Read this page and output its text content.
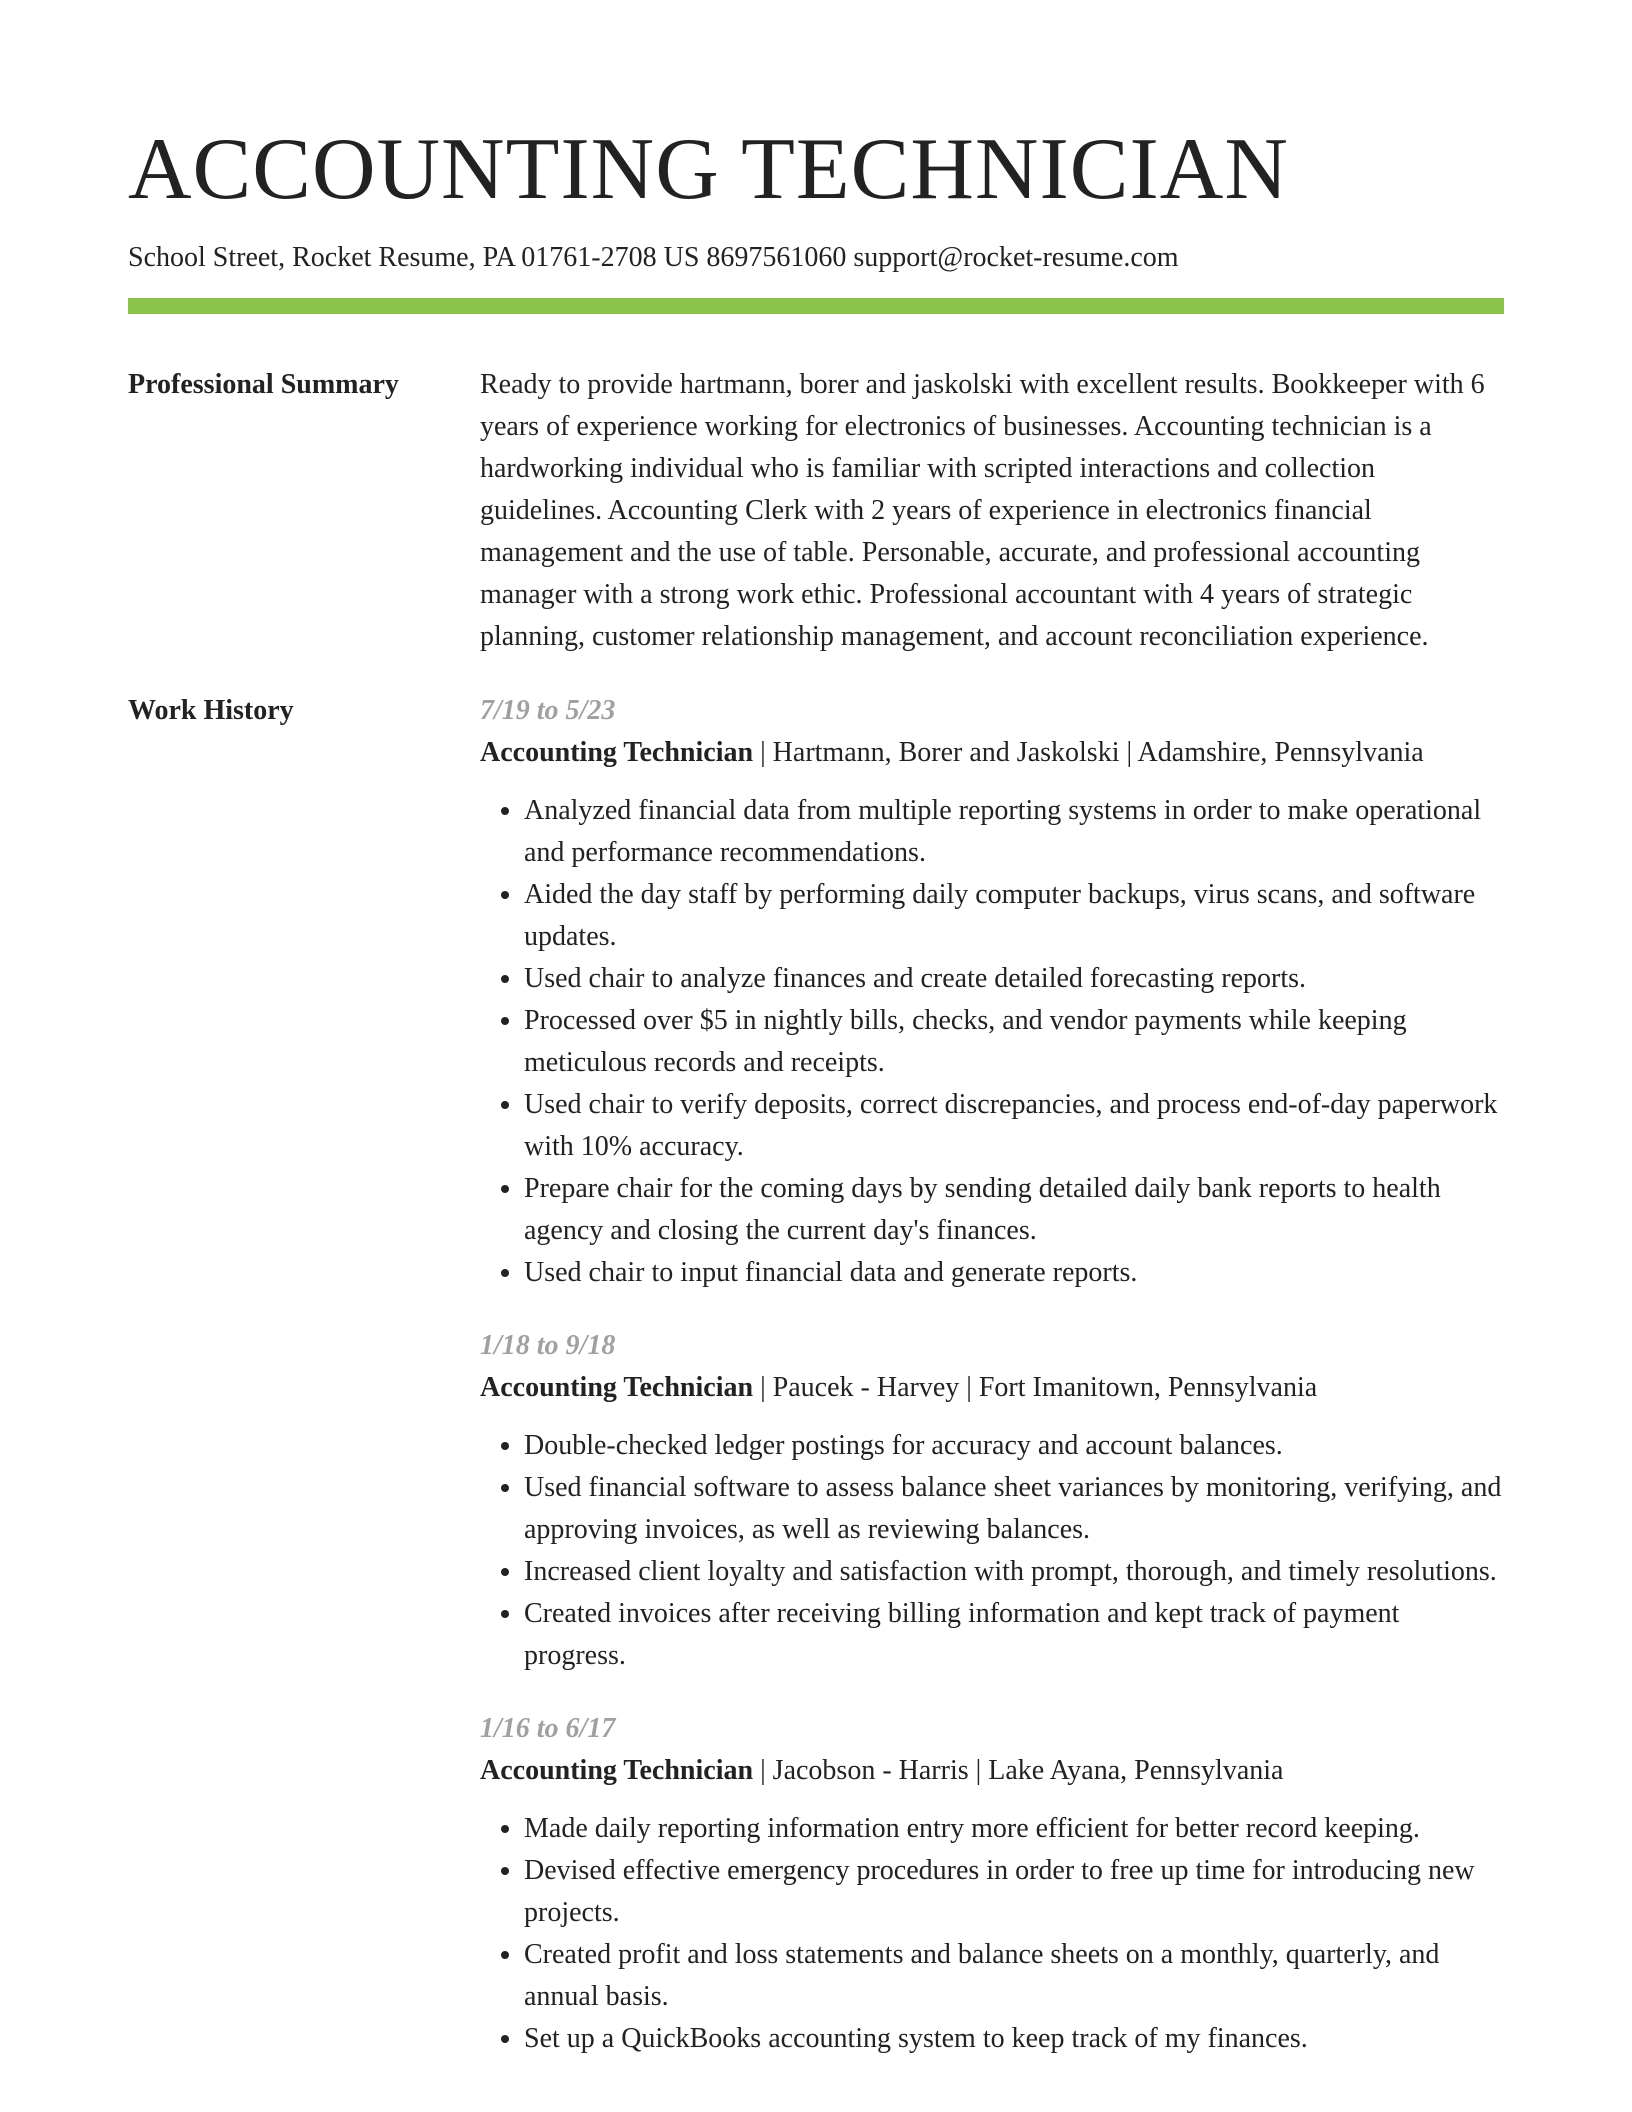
ACCOUNTING TECHNICIAN
School Street, Rocket Resume, PA 01761-2708 US 8697561060 support@rocket-resume.com
Professional Summary	Ready to provide hartmann, borer and jaskolski with excellent results. Bookkeeper with 6 years of experience working for electronics of businesses. Accounting technician is a hardworking individual who is familiar with scripted interactions and collection guidelines. Accounting Clerk with 2 years of experience in electronics financial management and the use of table. Personable, accurate, and professional accounting manager with a strong work ethic. Professional accountant with 4 years of strategic planning, customer relationship management, and account reconciliation experience.
Work History	7/19 to 5/23
Accounting Technician | Hartmann, Borer and Jaskolski | Adamshire, Pennsylvania
• Analyzed financial data from multiple reporting systems in order to make operational and performance recommendations.
• Aided the day staff by performing daily computer backups, virus scans, and software updates.
• Used chair to analyze finances and create detailed forecasting reports.
• Processed over $5 in nightly bills, checks, and vendor payments while keeping meticulous records and receipts.
• Used chair to verify deposits, correct discrepancies, and process end-of-day paperwork with 10% accuracy.
• Prepare chair for the coming days by sending detailed daily bank reports to health agency and closing the current day's finances.
• Used chair to input financial data and generate reports.
1/18 to 9/18
Accounting Technician | Paucek - Harvey | Fort Imanitown, Pennsylvania
• Double-checked ledger postings for accuracy and account balances.
• Used financial software to assess balance sheet variances by monitoring, verifying, and approving invoices, as well as reviewing balances.
• Increased client loyalty and satisfaction with prompt, thorough, and timely resolutions.
• Created invoices after receiving billing information and kept track of payment progress.
1/16 to 6/17
Accounting Technician | Jacobson - Harris | Lake Ayana, Pennsylvania
• Made daily reporting information entry more efficient for better record keeping.
• Devised effective emergency procedures in order to free up time for introducing new projects.
• Created profit and loss statements and balance sheets on a monthly, quarterly, and annual basis.
• Set up a QuickBooks accounting system to keep track of my finances.
